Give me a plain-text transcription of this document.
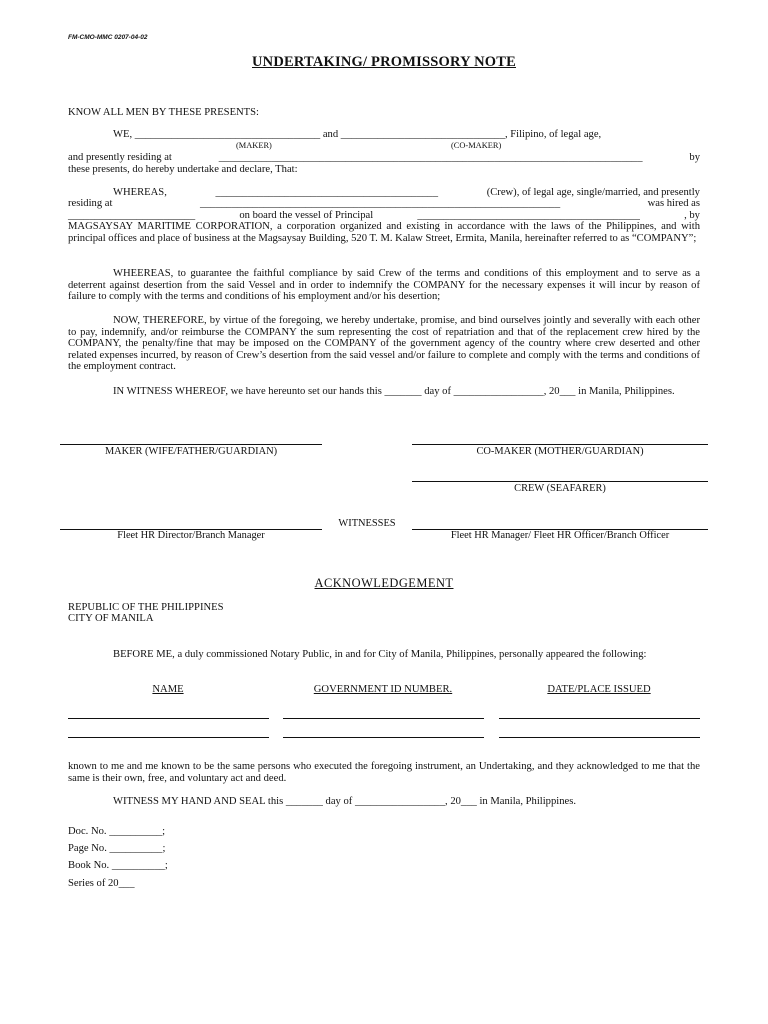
FM-CMO-MMC 0207-04-02
UNDERTAKING/ PROMISSORY NOTE
KNOW ALL MEN BY THESE PRESENTS:
WE, ___________________________________ and _______________________________, Filipino, of legal age,
(MAKER)	(CO-MAKER)
and presently residing at	________________________________________________________________________________	by
these presents, do hereby undertake and declare, That:
WHEREAS,	__________________________________________	(Crew), of legal age, single/married, and presently
residing at	____________________________________________________________________	was hired as
________________________	on board the vessel of Principal	__________________________________________	, by
MAGSAYSAY MARITIME CORPORATION, a corporation organized and existing in accordance with the laws of the Philippines, and with principal offices and place of business at the Magsaysay Building, 520 T. M. Kalaw Street, Ermita, Manila, hereinafter referred to as “COMPANY”;
WHEEREAS, to guarantee the faithful compliance by said Crew of the terms and conditions of this employment and to serve as a deterrent against desertion from the said Vessel and in order to indemnify the COMPANY for the necessary expenses it will incur by reason of failure to comply with the terms and conditions of his employment and/or his desertion;
NOW, THEREFORE, by virtue of the foregoing, we hereby undertake, promise, and bind ourselves jointly and severally with each other to pay, indemnify, and/or reimburse the COMPANY the sum representing the cost of repatriation and that of the replacement crew hired by the COMPANY, the penalty/fine that may be imposed on the COMPANY of the government agency of the country where crew deserted and other related expenses incurred, by reason of Crew’s desertion from the said vessel and/or failure to complete and comply with the terms and conditions of the employment contract.
IN WITNESS WHEREOF, we have hereunto set our hands this _______ day of _________________, 20___ in Manila, Philippines.
MAKER (WIFE/FATHER/GUARDIAN)	CO-MAKER (MOTHER/GUARDIAN)
CREW (SEAFARER)
WITNESSES
Fleet HR Director/Branch Manager	Fleet HR Manager/ Fleet HR Officer/Branch Officer
ACKNOWLEDGEMENT
REPUBLIC OF THE PHILIPPINES
CITY OF MANILA
BEFORE ME, a duly commissioned Notary Public, in and for City of Manila, Philippines, personally appeared the following:
NAME	GOVERNMENT ID NUMBER.	DATE/PLACE ISSUED
known to me and me known to be the same persons who executed the foregoing instrument, an Undertaking, and they acknowledged to me that the same is their own, free, and voluntary act and deed.
WITNESS MY HAND AND SEAL this _______ day of _________________, 20___ in Manila, Philippines.
Doc. No. __________;
Page No. __________;
Book No. __________;
Series of 20___
